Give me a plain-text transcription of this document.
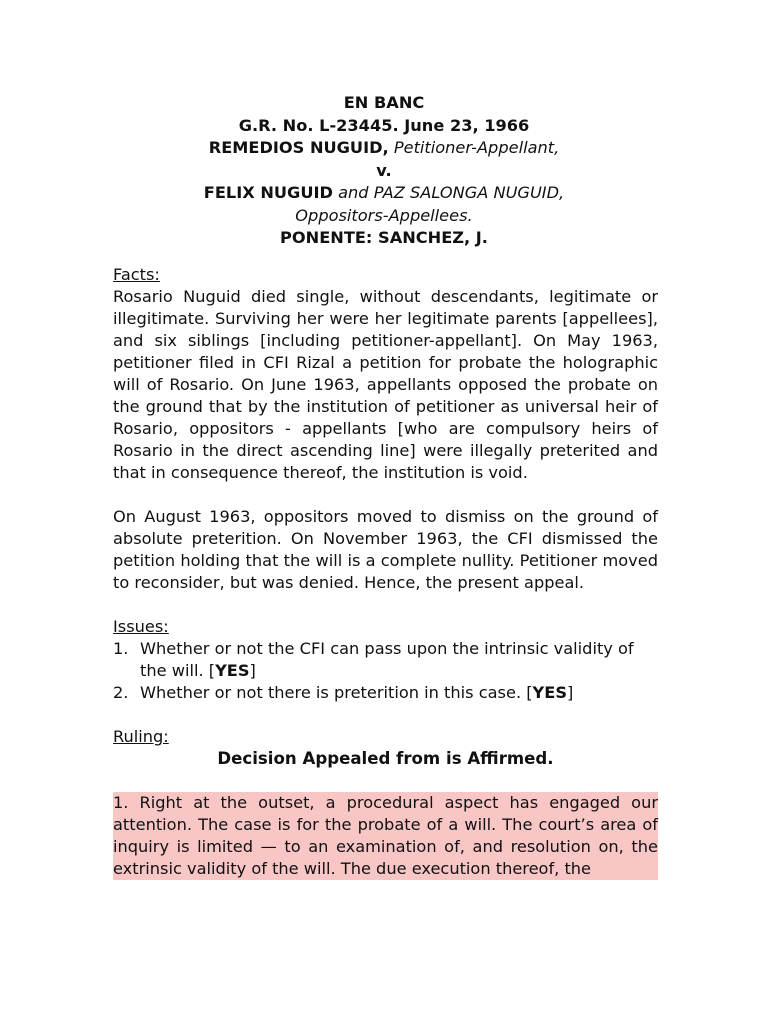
EN BANC
G.R. No. L-23445. June 23, 1966
REMEDIOS NUGUID, Petitioner-Appellant,
v.
FELIX NUGUID and PAZ SALONGA NUGUID,
Oppositors-Appellees.
PONENTE: SANCHEZ, J.
Facts:
Rosario Nuguid died single, without descendants, legitimate or illegitimate. Surviving her were her legitimate parents [appellees], and six siblings [including petitioner-appellant]. On May 1963, petitioner filed in CFI Rizal a petition for probate the holographic will of Rosario. On June 1963, appellants opposed the probate on the ground that by the institution of petitioner as universal heir of Rosario, oppositors - appellants [who are compulsory heirs of Rosario in the direct ascending line] were illegally preterited and that in consequence thereof, the institution is void.
On August 1963, oppositors moved to dismiss on the ground of absolute preterition. On November 1963, the CFI dismissed the petition holding that the will is a complete nullity. Petitioner moved to reconsider, but was denied. Hence, the present appeal.
Issues:
1. Whether or not the CFI can pass upon the intrinsic validity of the will. [YES]
2. Whether or not there is preterition in this case. [YES]
Ruling:
Decision Appealed from is Affirmed.
1. Right at the outset, a procedural aspect has engaged our attention. The case is for the probate of a will. The court’s area of inquiry is limited — to an examination of, and resolution on, the extrinsic validity of the will. The due execution thereof, the
